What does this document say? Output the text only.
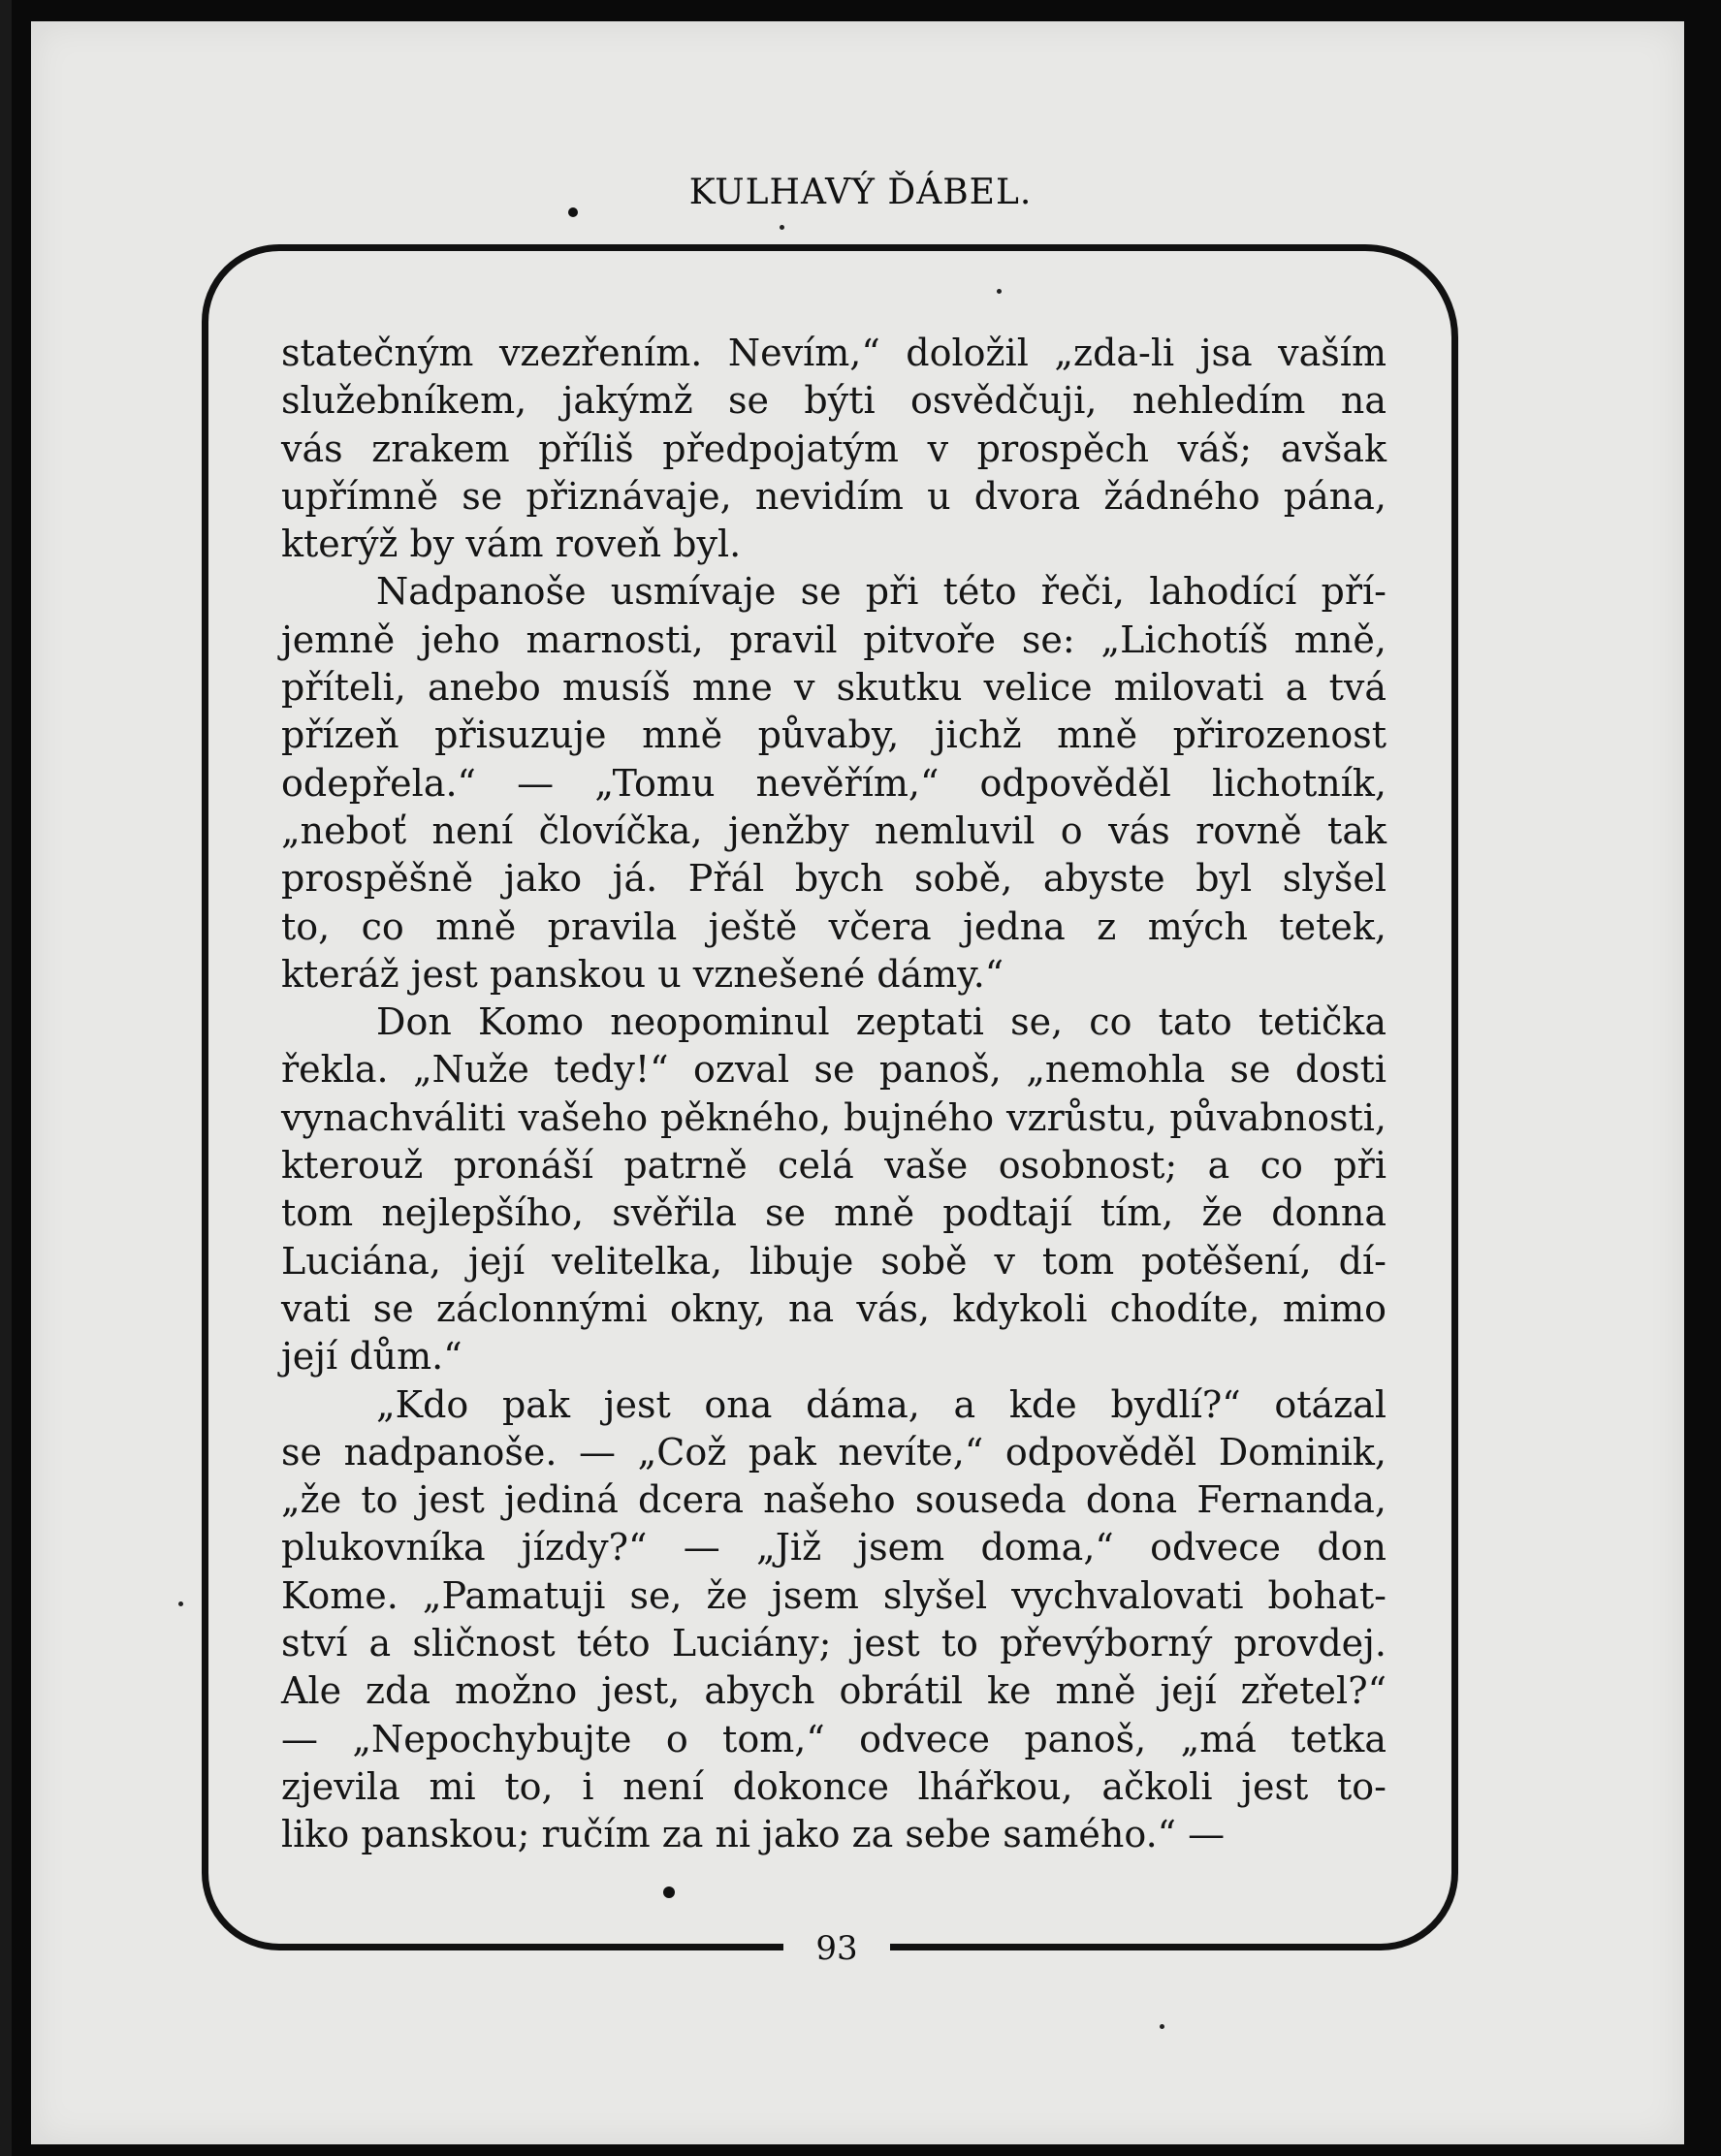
KULHAVÝ ĎÁBEL.

statečným vzezřením. Nevím,“ doložil „zda-li jsa vaším
služebníkem, jakýmž se býti osvědčuji, nehledím na
vás zrakem příliš předpojatým v prospěch váš; avšak
upřímně se přiznávaje, nevidím u dvora žádného pána,
kterýž by vám roveň byl.

Nadpanoše usmívaje se při této řeči, lahodící pří-
jemně jeho marnosti, pravil pitvoře se: „Lichotíš mně,
příteli, anebo musíš mne v skutku velice milovati a tvá
přízeň přisuzuje mně půvaby, jichž mně přirozenost
odepřela.“ — „Tomu nevěřím,“ odpověděl lichotník,
„neboť není človíčka, jenžby nemluvil o vás rovně tak
prospěšně jako já. Přál bych sobě, abyste byl slyšel
to, co mně pravila ještě včera jedna z mých tetek,
kteráž jest panskou u vznešené dámy.“

Don Komo neopominul zeptati se, co tato tetička
řekla. „Nuže tedy!“ ozval se panoš, „nemohla se dosti
vynachváliti vašeho pěkného, bujného vzrůstu, půvabnosti,
kterouž pronáší patrně celá vaše osobnost; a co při
tom nejlepšího, svěřila se mně podtají tím, že donna
Luciána, její velitelka, libuje sobě v tom potěšení, dí-
vati se záclonnými okny, na vás, kdykoli chodíte, mimo
její dům.“

„Kdo pak jest ona dáma, a kde bydlí?“ otázal
se nadpanoše. — „Což pak nevíte,“ odpověděl Dominik,
„že to jest jediná dcera našeho souseda dona Fernanda,
plukovníka jízdy?“ — „Již jsem doma,“ odvece don
Kome. „Pamatuji se, že jsem slyšel vychvalovati bohat-
ství a sličnost této Luciány; jest to převýborný provdej.
Ale zda možno jest, abych obrátil ke mně její zřetel?“
— „Nepochybujte o tom,“ odvece panoš, „má tetka
zjevila mi to, i není dokonce lhářkou, ačkoli jest to-
liko panskou; ručím za ni jako za sebe samého.“ —

93
